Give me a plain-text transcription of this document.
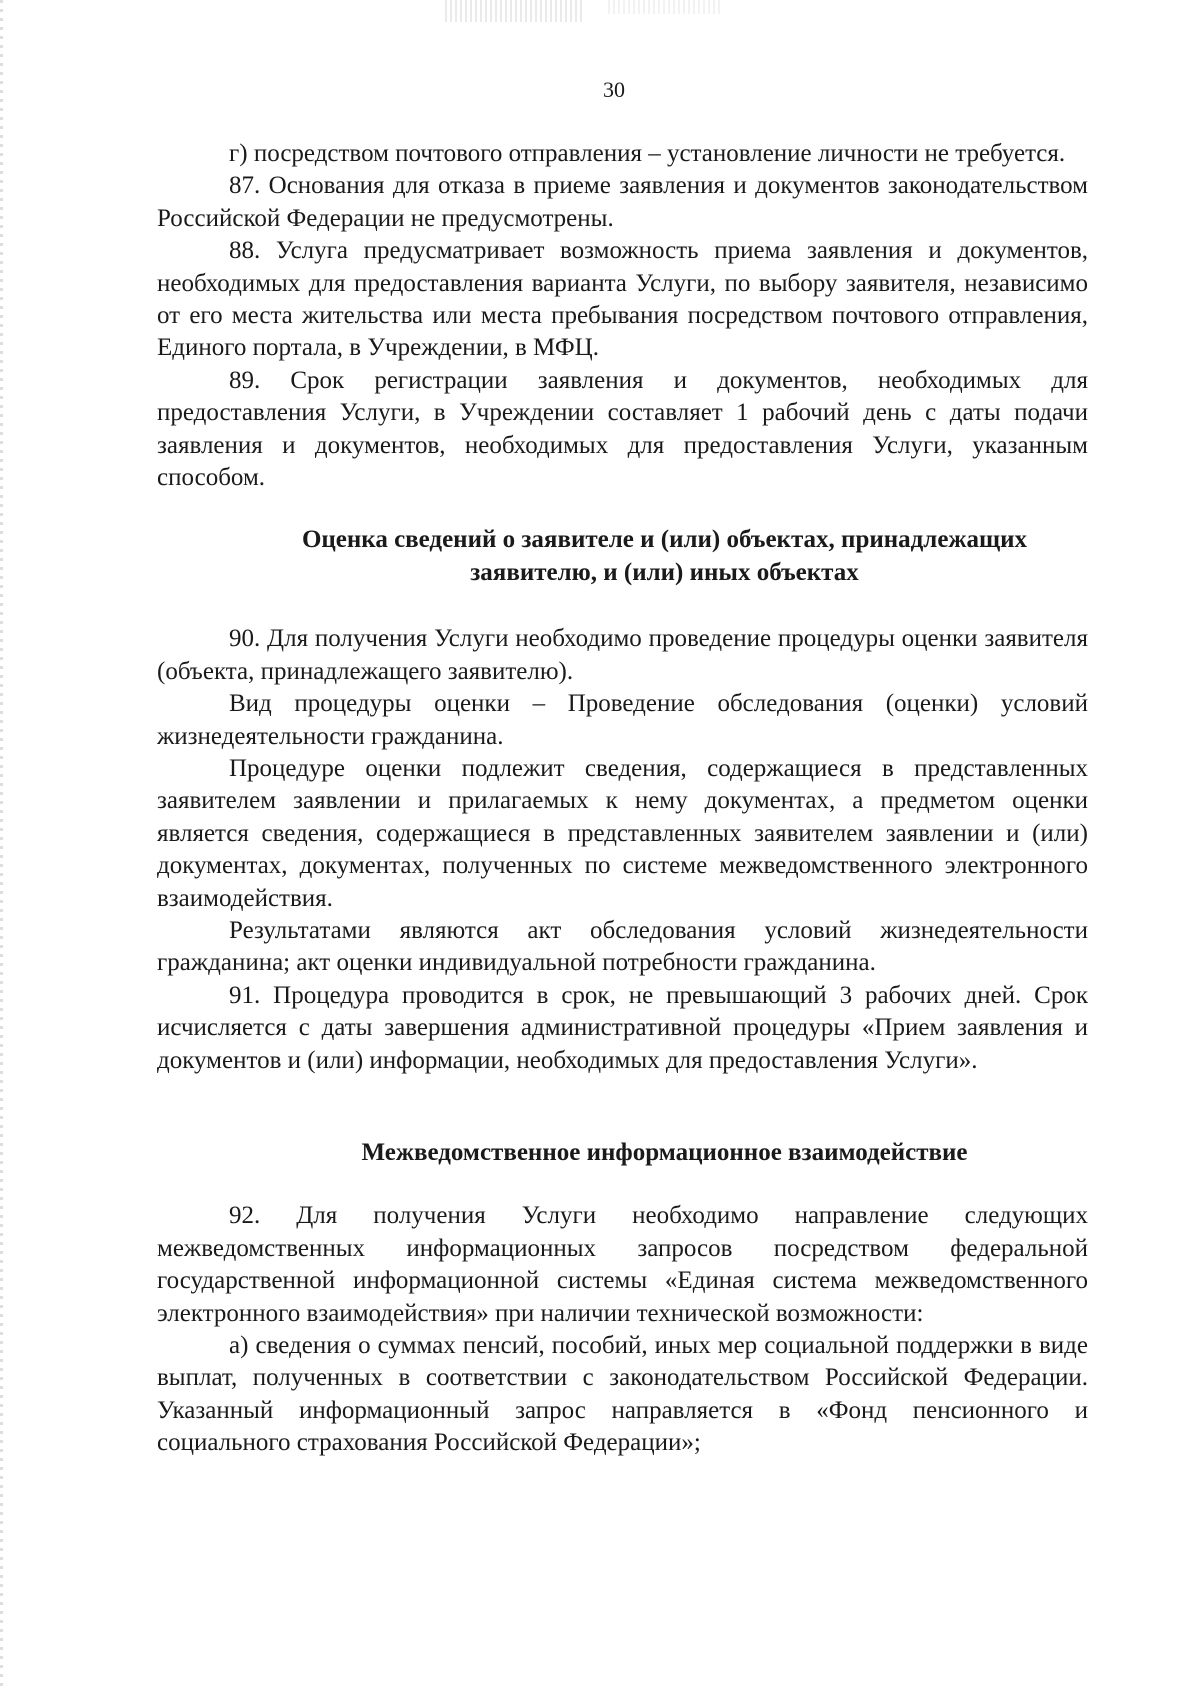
30

г) посредством почтового отправления – установление личности не требуется.

87. Основания для отказа в приеме заявления и документов законодательством Российской Федерации не предусмотрены.

88. Услуга предусматривает возможность приема заявления и документов, необходимых для предоставления варианта Услуги, по выбору заявителя, независимо от его места жительства или места пребывания посредством почтового отправления, Единого портала, в Учреждении, в МФЦ.

89. Срок регистрации заявления и документов, необходимых для предоставления Услуги, в Учреждении составляет 1 рабочий день с даты подачи заявления и документов, необходимых для предоставления Услуги, указанным способом.

Оценка сведений о заявителе и (или) объектах, принадлежащих заявителю, и (или) иных объектах

90. Для получения Услуги необходимо проведение процедуры оценки заявителя (объекта, принадлежащего заявителю).

Вид процедуры оценки – Проведение обследования (оценки) условий жизнедеятельности гражданина.

Процедуре оценки подлежит сведения, содержащиеся в представленных заявителем заявлении и прилагаемых к нему документах, а предметом оценки является сведения, содержащиеся в представленных заявителем заявлении и (или) документах, документах, полученных по системе межведомственного электронного взаимодействия.

Результатами являются акт обследования условий жизнедеятельности гражданина; акт оценки индивидуальной потребности гражданина.

91. Процедура проводится в срок, не превышающий 3 рабочих дней. Срок исчисляется с даты завершения административной процедуры «Прием заявления и документов и (или) информации, необходимых для предоставления Услуги».

Межведомственное информационное взаимодействие

92. Для получения Услуги необходимо направление следующих межведомственных информационных запросов посредством федеральной государственной информационной системы «Единая система межведомственного электронного взаимодействия» при наличии технической возможности:

а) сведения о суммах пенсий, пособий, иных мер социальной поддержки в виде выплат, полученных в соответствии с законодательством Российской Федерации. Указанный информационный запрос направляется в «Фонд пенсионного и социального страхования Российской Федерации»;
